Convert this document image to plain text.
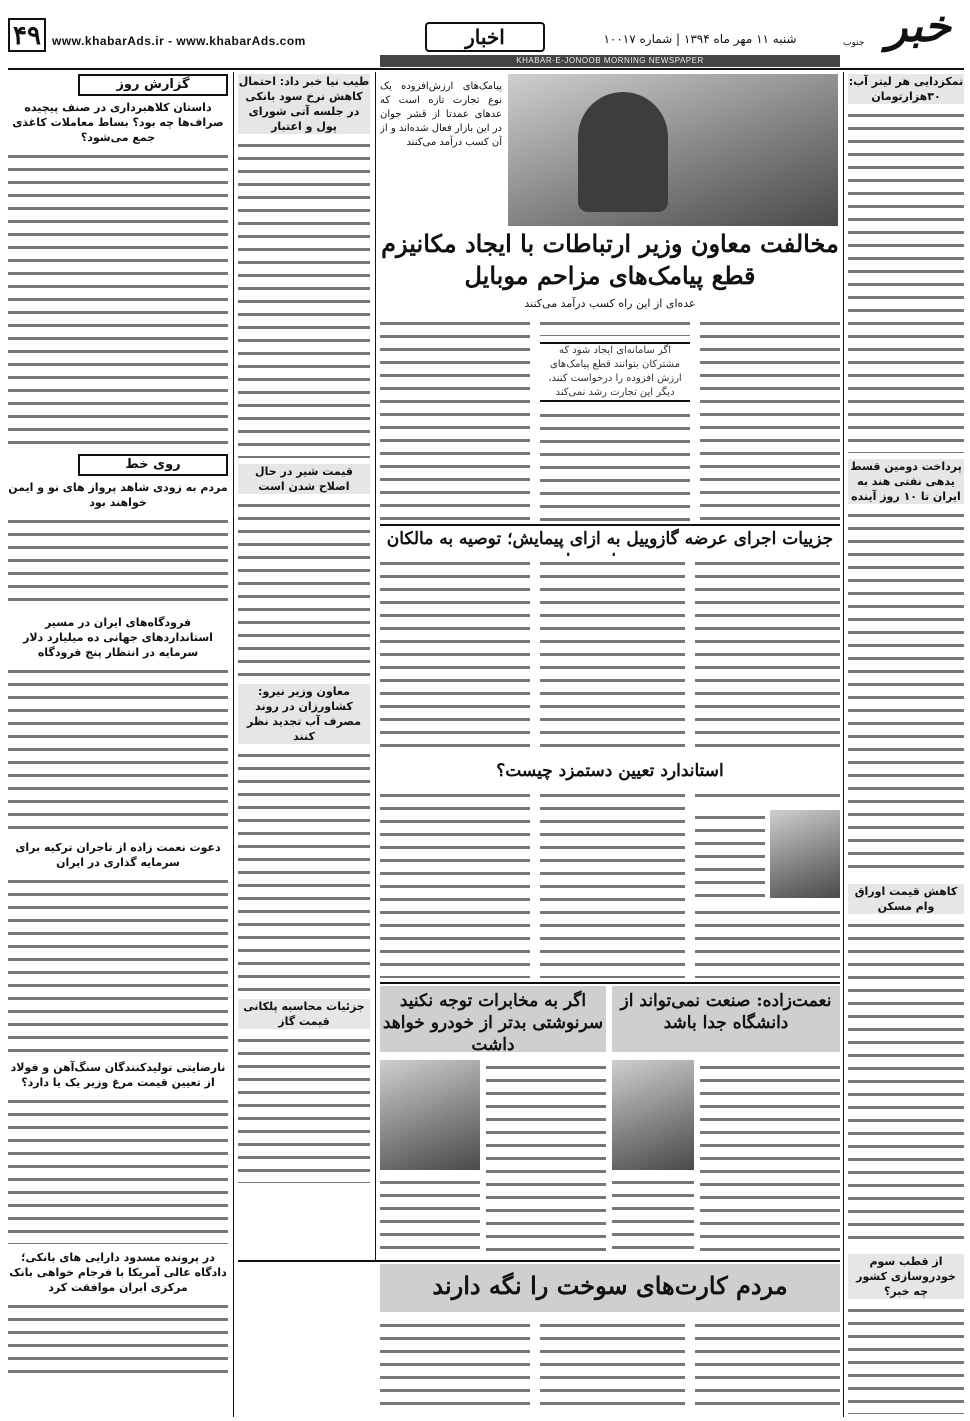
۴۹ www.khabarAds.ir - www.khabarAds.com	اخبار	شنبه ۱۱ مهر ماه ۱۳۹۴ | شماره ۱۰۰۱۷	خبر
جنوب
KHABAR-E-JONOOB MORNING NEWSPAPER
تمکزدایی هر لیتر آب: ۳۰هزارتومان
پرداخت دومین قسط یدهی نفتی هند به ایران تا ۱۰ روز آینده
کاهش قیمت اوراق وام مسکن
از قطب سوم خودروسازی کشور چه خبر؟
پیامک‌های ارزش‌افزوده یک نوع تجارت تازه است که عدهای عمدتا از قشر جوان در این بازار فعال شده‌اند و از آن کسب درآمد می‌کنند
مخالفت معاون وزیر ارتباطات با ایجاد مکانیزم قطع پیامک‌های مزاحم موبایل
عده‌ای از این راه کسب درآمد می‌کنند
اگر سامانه‌ای ایجاد شود که مشترکان بتوانند قطع پیامک‌های ارزش افزوده را درخواست کنند، دیگر این تجارت رشد نمی‌کند
جزییات اجرای عرضه گازوییل به ازای پیمایش؛ توصیه به مالکان
استاندارد تعیین دستمزد چیست؟
نعمت‌زاده: صنعت نمی‌تواند از دانشگاه جدا باشد
اگر به مخابرات توجه نکنید سرنوشتی بدتر از خودرو خواهد داشت
مردم کارت‌های سوخت را نگه دارند
طیب نیا خبر داد: احتمال کاهش نرخ سود بانکی در جلسه آتی شورای پول و اعتبار
قیمت شیر در حال اصلاح شدن است
معاون وزیر نیرو: کشاورزان در روند مصرف آب تجدید نظر کنند
جزئیات محاسبه پلکانی قیمت گاز
گزارش روز
داستان کلاهبرداری در صنف پیچیده صراف‌ها چه بود؟ بساط معاملات کاغذی جمع می‌شود؟
روی خط
مردم به زودی شاهد پرواز های نو و ایمن خواهند بود
فرودگاه‌های ایران در مسیر استانداردهای جهانی ده میلیارد دلار سرمایه در انتظار پنج فرودگاه
دعوت نعمت زاده از تاجران ترکیه برای سرمایه گذاری در ایران
نارضایتی تولیدکنندگان سنگ‌آهن و فولاد از تعیین قیمت مرغ وزیر یک یا دارد؟
در پرونده مسدود دارایی های بانکی؛ دادگاه عالی آمریکا با فرجام خواهی بانک مرکزی ایران موافقت کرد
